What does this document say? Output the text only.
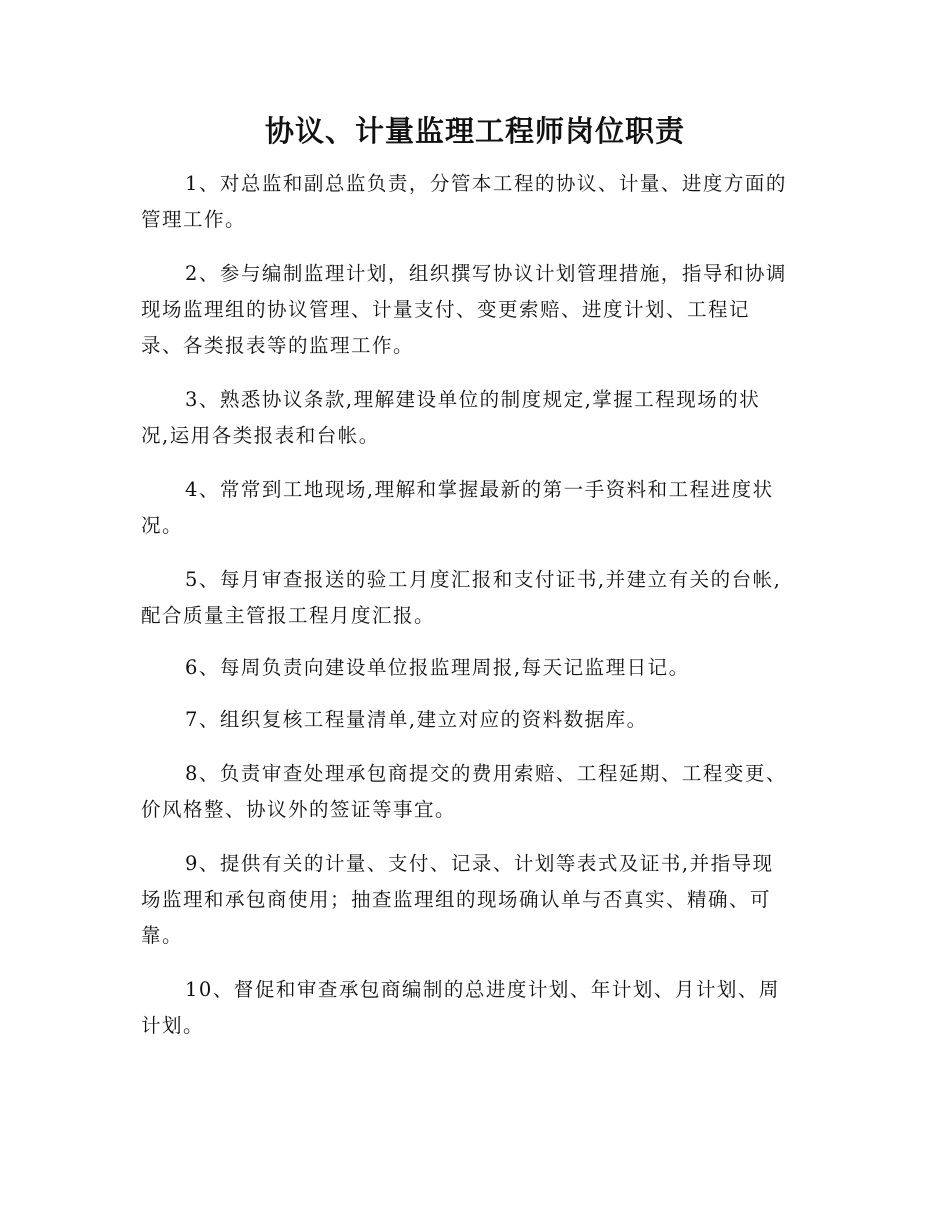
协议、计量监理工程师岗位职责

1、对总监和副总监负责，分管本工程的协议、计量、进度方面的
管理工作。

2、参与编制监理计划，组织撰写协议计划管理措施，指导和协调
现场监理组的协议管理、计量支付、变更索赔、进度计划、工程记
录、各类报表等的监理工作。

3、熟悉协议条款,理解建设单位的制度规定,掌握工程现场的状
况,运用各类报表和台帐。

4、常常到工地现场,理解和掌握最新的第一手资料和工程进度状
况。

5、每月审查报送的验工月度汇报和支付证书,并建立有关的台帐,
配合质量主管报工程月度汇报。

6、每周负责向建设单位报监理周报,每天记监理日记。

7、组织复核工程量清单,建立对应的资料数据库。

8、负责审查处理承包商提交的费用索赔、工程延期、工程变更、
价风格整、协议外的签证等事宜。

9、提供有关的计量、支付、记录、计划等表式及证书,并指导现
场监理和承包商使用；抽查监理组的现场确认单与否真实、精确、可
靠。

10、督促和审查承包商编制的总进度计划、年计划、月计划、周
计划。
